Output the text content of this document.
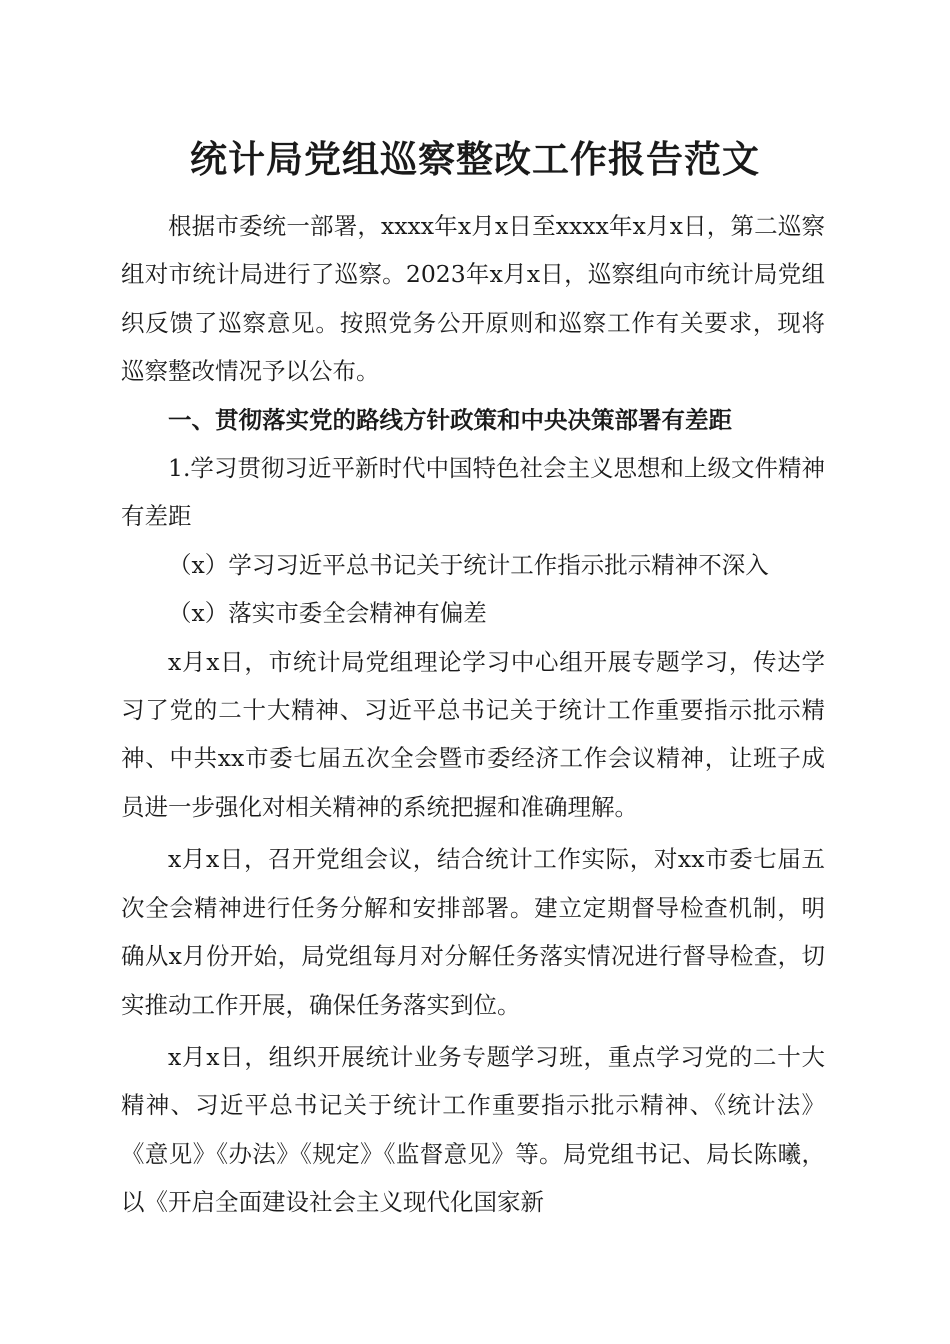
统计局党组巡察整改工作报告范文

根据市委统一部署，xxxx年x月x日至xxxx年x月x日，第二巡察组对市统计局进行了巡察。2023年x月x日，巡察组向市统计局党组织反馈了巡察意见。按照党务公开原则和巡察工作有关要求，现将巡察整改情况予以公布。

一、贯彻落实党的路线方针政策和中央决策部署有差距

1.学习贯彻习近平新时代中国特色社会主义思想和上级文件精神有差距

（x）学习习近平总书记关于统计工作指示批示精神不深入

（x）落实市委全会精神有偏差

x月x日，市统计局党组理论学习中心组开展专题学习，传达学习了党的二十大精神、习近平总书记关于统计工作重要指示批示精神、中共xx市委七届五次全会暨市委经济工作会议精神，让班子成员进一步强化对相关精神的系统把握和准确理解。

x月x日，召开党组会议，结合统计工作实际，对xx市委七届五次全会精神进行任务分解和安排部署。建立定期督导检查机制，明确从x月份开始，局党组每月对分解任务落实情况进行督导检查，切实推动工作开展，确保任务落实到位。

x月x日，组织开展统计业务专题学习班，重点学习党的二十大精神、习近平总书记关于统计工作重要指示批示精神、《统计法》《意见》《办法》《规定》《监督意见》等。局党组书记、局长陈曦，以《开启全面建设社会主义现代化国家新
